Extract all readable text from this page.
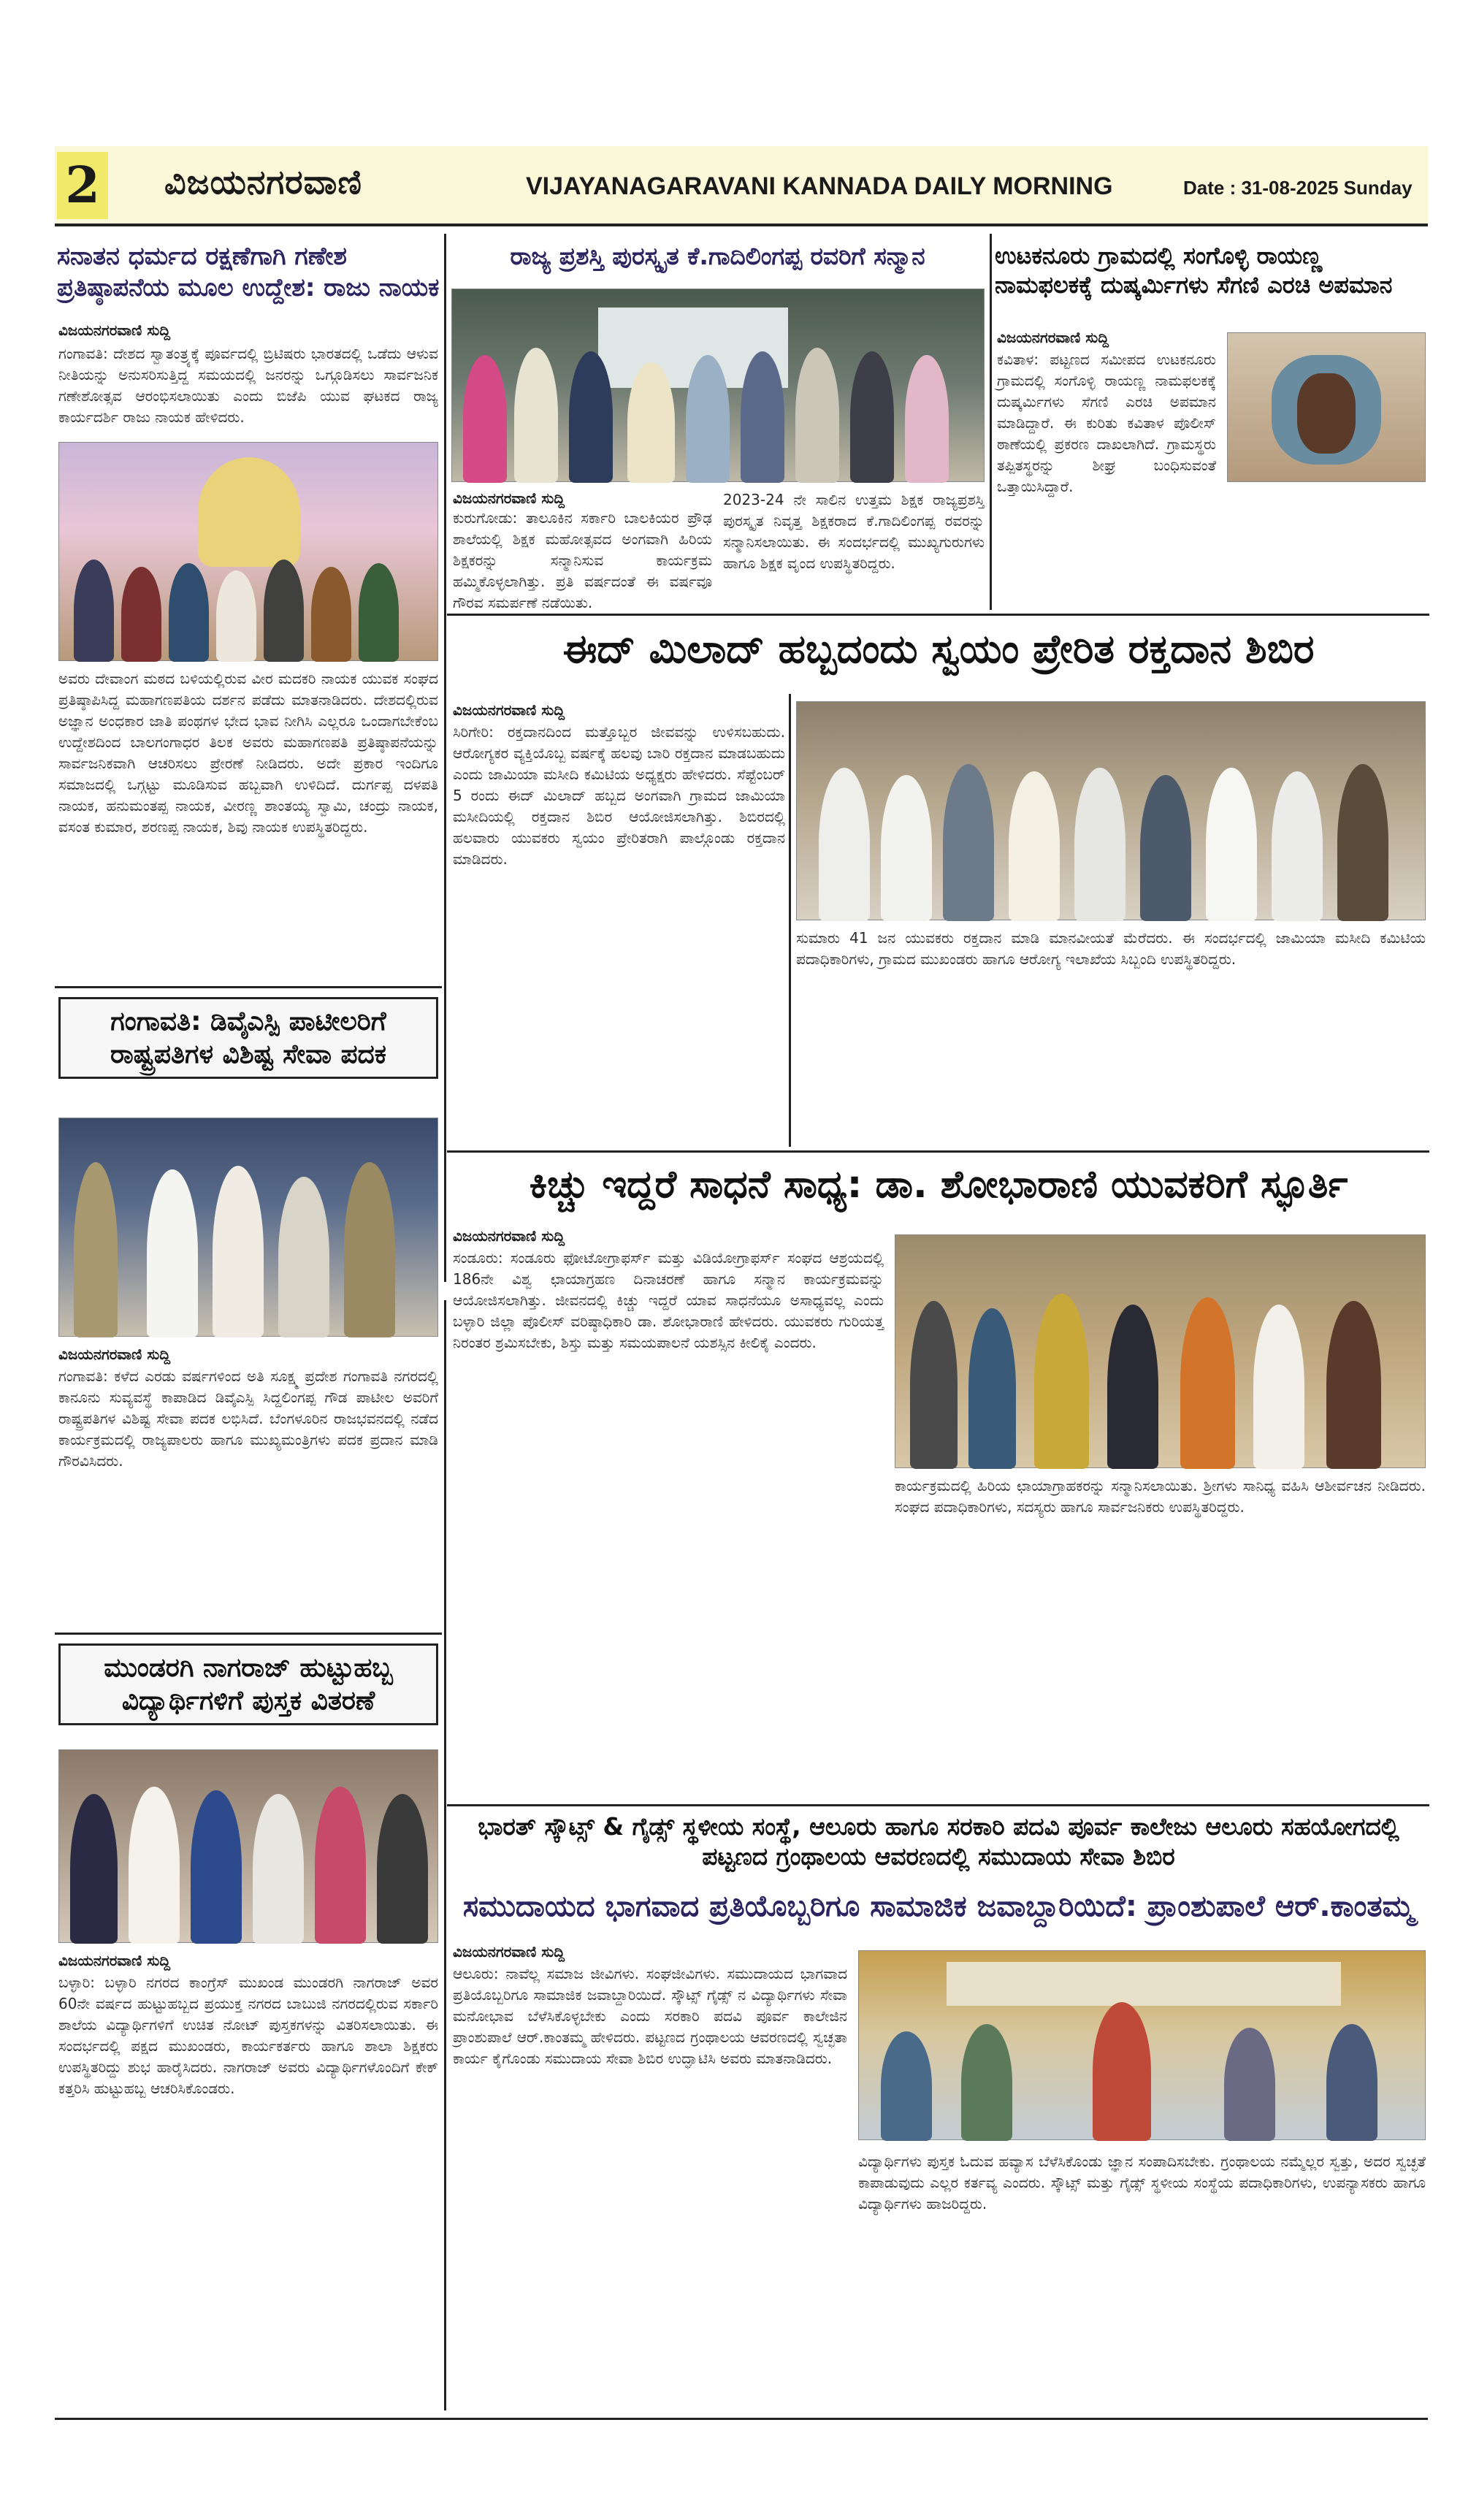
2 ವಿಜಯನಗರವಾಣಿ	VIJAYANAGARAVANI KANNADA DAILY MORNING	Date : 31-08-2025 Sunday
ಸನಾತನ ಧರ್ಮದ ರಕ್ಷಣೆಗಾಗಿ ಗಣೇಶ ಪ್ರತಿಷ್ಠಾಪನೆಯ ಮೂಲ ಉದ್ದೇಶ: ರಾಜು ನಾಯಕ
ವಿಜಯನಗರವಾಣಿ ಸುದ್ದಿ
ಗಂಗಾವತಿ: ದೇಶದ ಸ್ವಾತಂತ್ರ್ಯಕ್ಕೆ ಪೂರ್ವದಲ್ಲಿ ಬ್ರಿಟಿಷರು ಭಾರತದಲ್ಲಿ ಒಡೆದು ಆಳುವ ನೀತಿಯನ್ನು ಅನುಸರಿಸುತ್ತಿದ್ದ ಸಮಯದಲ್ಲಿ ಜನರನ್ನು ಒಗ್ಗೂಡಿಸಲು ಸಾರ್ವಜನಿಕ ಗಣೇಶೋತ್ಸವ ಆರಂಭಿಸಲಾಯಿತು ಎಂದು ಬಿಜೆಪಿ ಯುವ ಘಟಕದ ರಾಜ್ಯ ಕಾರ್ಯದರ್ಶಿ ರಾಜು ನಾಯಕ ಹೇಳಿದರು.
ಅವರು ದೇವಾಂಗ ಮಠದ ಬಳಿಯಲ್ಲಿರುವ ವೀರ ಮದಕರಿ ನಾಯಕ ಯುವಕ ಸಂಘದ ಪ್ರತಿಷ್ಠಾಪಿಸಿದ್ದ ಮಹಾಗಣಪತಿಯ ದರ್ಶನ ಪಡೆದು ಮಾತನಾಡಿದರು. ದೇಶದಲ್ಲಿರುವ ಅಜ್ಞಾನ ಅಂಧಕಾರ ಜಾತಿ ಪಂಥಗಳ ಭೇದ ಭಾವ ನೀಗಿಸಿ ಎಲ್ಲರೂ ಒಂದಾಗಬೇಕೆಂಬ ಉದ್ದೇಶದಿಂದ ಬಾಲಗಂಗಾಧರ ತಿಲಕ ಅವರು ಮಹಾಗಣಪತಿ ಪ್ರತಿಷ್ಠಾಪನೆಯನ್ನು ಸಾರ್ವಜನಿಕವಾಗಿ ಆಚರಿಸಲು ಪ್ರೇರಣೆ ನೀಡಿದರು. ಅದೇ ಪ್ರಕಾರ ಇಂದಿಗೂ ಸಮಾಜದಲ್ಲಿ ಒಗ್ಗಟ್ಟು ಮೂಡಿಸುವ ಹಬ್ಬವಾಗಿ ಉಳಿದಿದೆ. ದುರ್ಗಪ್ಪ ದಳಪತಿ ನಾಯಕ, ಹನುಮಂತಪ್ಪ ನಾಯಕ, ವೀರಣ್ಣ ಶಾಂತಯ್ಯ ಸ್ವಾಮಿ, ಚಂದ್ರು ನಾಯಕ, ವಸಂತ ಕುಮಾರ, ಶರಣಪ್ಪ ನಾಯಕ, ಶಿವು ನಾಯಕ ಉಪಸ್ಥಿತರಿದ್ದರು.
ರಾಜ್ಯ ಪ್ರಶಸ್ತಿ ಪುರಸ್ಕೃತ ಕೆ.ಗಾದಿಲಿಂಗಪ್ಪ ರವರಿಗೆ ಸನ್ಮಾನ
ವಿಜಯನಗರವಾಣಿ ಸುದ್ದಿ
ಕುರುಗೋಡು: ತಾಲೂಕಿನ ಸರ್ಕಾರಿ ಬಾಲಕಿಯರ ಪ್ರೌಢ ಶಾಲೆಯಲ್ಲಿ ಶಿಕ್ಷಕ ಮಹೋತ್ಸವದ ಅಂಗವಾಗಿ ಹಿರಿಯ ಶಿಕ್ಷಕರನ್ನು ಸನ್ಮಾನಿಸುವ ಕಾರ್ಯಕ್ರಮ ಹಮ್ಮಿಕೊಳ್ಳಲಾಗಿತ್ತು. ಪ್ರತಿ ವರ್ಷದಂತೆ ಈ ವರ್ಷವೂ ಗೌರವ ಸಮರ್ಪಣೆ ನಡೆಯಿತು.
2023-24 ನೇ ಸಾಲಿನ ಉತ್ತಮ ಶಿಕ್ಷಕ ರಾಜ್ಯಪ್ರಶಸ್ತಿ ಪುರಸ್ಕೃತ ನಿವೃತ್ತ ಶಿಕ್ಷಕರಾದ ಕೆ.ಗಾದಿಲಿಂಗಪ್ಪ ರವರನ್ನು ಸನ್ಮಾನಿಸಲಾಯಿತು. ಈ ಸಂದರ್ಭದಲ್ಲಿ ಮುಖ್ಯಗುರುಗಳು ಹಾಗೂ ಶಿಕ್ಷಕ ವೃಂದ ಉಪಸ್ಥಿತರಿದ್ದರು.
ಉಟಕನೂರು ಗ್ರಾಮದಲ್ಲಿ ಸಂಗೊಳ್ಳಿ ರಾಯಣ್ಣ ನಾಮಫಲಕಕ್ಕೆ ದುಷ್ಕರ್ಮಿಗಳು ಸೆಗಣಿ ಎರಚಿ ಅಪಮಾನ
ವಿಜಯನಗರವಾಣಿ ಸುದ್ದಿ
ಕವಿತಾಳ: ಪಟ್ಟಣದ ಸಮೀಪದ ಉಟಕನೂರು ಗ್ರಾಮದಲ್ಲಿ ಸಂಗೊಳ್ಳಿ ರಾಯಣ್ಣ ನಾಮಫಲಕಕ್ಕೆ ದುಷ್ಕರ್ಮಿಗಳು ಸೆಗಣಿ ಎರಚಿ ಅಪಮಾನ ಮಾಡಿದ್ದಾರೆ. ಈ ಕುರಿತು ಕವಿತಾಳ ಪೊಲೀಸ್ ಠಾಣೆಯಲ್ಲಿ ಪ್ರಕರಣ ದಾಖಲಾಗಿದೆ. ಗ್ರಾಮಸ್ಥರು ತಪ್ಪಿತಸ್ಥರನ್ನು ಶೀಘ್ರ ಬಂಧಿಸುವಂತೆ ಒತ್ತಾಯಿಸಿದ್ದಾರೆ.
ಈದ್ ಮಿಲಾದ್ ಹಬ್ಬದಂದು ಸ್ವಯಂ ಪ್ರೇರಿತ ರಕ್ತದಾನ ಶಿಬಿರ
ವಿಜಯನಗರವಾಣಿ ಸುದ್ದಿ
ಸಿರಿಗೇರಿ: ರಕ್ತದಾನದಿಂದ ಮತ್ತೊಬ್ಬರ ಜೀವವನ್ನು ಉಳಿಸಬಹುದು. ಆರೋಗ್ಯಕರ ವ್ಯಕ್ತಿಯೊಬ್ಬ ವರ್ಷಕ್ಕೆ ಹಲವು ಬಾರಿ ರಕ್ತದಾನ ಮಾಡಬಹುದು ಎಂದು ಜಾಮಿಯಾ ಮಸೀದಿ ಕಮಿಟಿಯ ಅಧ್ಯಕ್ಷರು ಹೇಳಿದರು. ಸೆಪ್ಟೆಂಬರ್ 5 ರಂದು ಈದ್ ಮಿಲಾದ್ ಹಬ್ಬದ ಅಂಗವಾಗಿ ಗ್ರಾಮದ ಜಾಮಿಯಾ ಮಸೀದಿಯಲ್ಲಿ ರಕ್ತದಾನ ಶಿಬಿರ ಆಯೋಜಿಸಲಾಗಿತ್ತು. ಶಿಬಿರದಲ್ಲಿ ಹಲವಾರು ಯುವಕರು ಸ್ವಯಂ ಪ್ರೇರಿತರಾಗಿ ಪಾಲ್ಗೊಂಡು ರಕ್ತದಾನ ಮಾಡಿದರು.
ಸುಮಾರು 41 ಜನ ಯುವಕರು ರಕ್ತದಾನ ಮಾಡಿ ಮಾನವೀಯತೆ ಮೆರೆದರು. ಈ ಸಂದರ್ಭದಲ್ಲಿ ಜಾಮಿಯಾ ಮಸೀದಿ ಕಮಿಟಿಯ ಪದಾಧಿಕಾರಿಗಳು, ಗ್ರಾಮದ ಮುಖಂಡರು ಹಾಗೂ ಆರೋಗ್ಯ ಇಲಾಖೆಯ ಸಿಬ್ಬಂದಿ ಉಪಸ್ಥಿತರಿದ್ದರು.
ಗಂಗಾವತಿ: ಡಿವೈಎಸ್ಪಿ ಪಾಟೀಲರಿಗೆ ರಾಷ್ಟ್ರಪತಿಗಳ ವಿಶಿಷ್ಟ ಸೇವಾ ಪದಕ
ವಿಜಯನಗರವಾಣಿ ಸುದ್ದಿ
ಗಂಗಾವತಿ: ಕಳೆದ ಎರಡು ವರ್ಷಗಳಿಂದ ಅತಿ ಸೂಕ್ಷ್ಮ ಪ್ರದೇಶ ಗಂಗಾವತಿ ನಗರದಲ್ಲಿ ಕಾನೂನು ಸುವ್ಯವಸ್ಥೆ ಕಾಪಾಡಿದ ಡಿವೈಎಸ್ಪಿ ಸಿದ್ದಲಿಂಗಪ್ಪ ಗೌಡ ಪಾಟೀಲ ಅವರಿಗೆ ರಾಷ್ಟ್ರಪತಿಗಳ ವಿಶಿಷ್ಟ ಸೇವಾ ಪದಕ ಲಭಿಸಿದೆ. ಬೆಂಗಳೂರಿನ ರಾಜಭವನದಲ್ಲಿ ನಡೆದ ಕಾರ್ಯಕ್ರಮದಲ್ಲಿ ರಾಜ್ಯಪಾಲರು ಹಾಗೂ ಮುಖ್ಯಮಂತ್ರಿಗಳು ಪದಕ ಪ್ರದಾನ ಮಾಡಿ ಗೌರವಿಸಿದರು.
ಕಿಚ್ಚು ಇದ್ದರೆ ಸಾಧನೆ ಸಾಧ್ಯ: ಡಾ. ಶೋಭಾರಾಣಿ ಯುವಕರಿಗೆ ಸ್ಫೂರ್ತಿ
ವಿಜಯನಗರವಾಣಿ ಸುದ್ದಿ
ಸಂಡೂರು: ಸಂಡೂರು ಫೋಟೋಗ್ರಾಫರ್ಸ್ ಮತ್ತು ವಿಡಿಯೋಗ್ರಾಫರ್ಸ್ ಸಂಘದ ಆಶ್ರಯದಲ್ಲಿ 186ನೇ ವಿಶ್ವ ಛಾಯಾಗ್ರಹಣ ದಿನಾಚರಣೆ ಹಾಗೂ ಸನ್ಮಾನ ಕಾರ್ಯಕ್ರಮವನ್ನು ಆಯೋಜಿಸಲಾಗಿತ್ತು. ಜೀವನದಲ್ಲಿ ಕಿಚ್ಚು ಇದ್ದರೆ ಯಾವ ಸಾಧನೆಯೂ ಅಸಾಧ್ಯವಲ್ಲ ಎಂದು ಬಳ್ಳಾರಿ ಜಿಲ್ಲಾ ಪೊಲೀಸ್ ವರಿಷ್ಠಾಧಿಕಾರಿ ಡಾ. ಶೋಭಾರಾಣಿ ಹೇಳಿದರು. ಯುವಕರು ಗುರಿಯತ್ತ ನಿರಂತರ ಶ್ರಮಿಸಬೇಕು, ಶಿಸ್ತು ಮತ್ತು ಸಮಯಪಾಲನೆ ಯಶಸ್ಸಿನ ಕೀಲಿಕೈ ಎಂದರು.
ಕಾರ್ಯಕ್ರಮದಲ್ಲಿ ಹಿರಿಯ ಛಾಯಾಗ್ರಾಹಕರನ್ನು ಸನ್ಮಾನಿಸಲಾಯಿತು. ಶ್ರೀಗಳು ಸಾನಿಧ್ಯ ವಹಿಸಿ ಆಶೀರ್ವಚನ ನೀಡಿದರು. ಸಂಘದ ಪದಾಧಿಕಾರಿಗಳು, ಸದಸ್ಯರು ಹಾಗೂ ಸಾರ್ವಜನಿಕರು ಉಪಸ್ಥಿತರಿದ್ದರು.
ಮುಂಡರಗಿ ನಾಗರಾಜ್ ಹುಟ್ಟುಹಬ್ಬ ವಿದ್ಯಾರ್ಥಿಗಳಿಗೆ ಪುಸ್ತಕ ವಿತರಣೆ
ವಿಜಯನಗರವಾಣಿ ಸುದ್ದಿ
ಬಳ್ಳಾರಿ: ಬಳ್ಳಾರಿ ನಗರದ ಕಾಂಗ್ರೆಸ್ ಮುಖಂಡ ಮುಂಡರಗಿ ನಾಗರಾಜ್ ಅವರ 60ನೇ ವರ್ಷದ ಹುಟ್ಟುಹಬ್ಬದ ಪ್ರಯುಕ್ತ ನಗರದ ಬಾಬುಜಿ ನಗರದಲ್ಲಿರುವ ಸರ್ಕಾರಿ ಶಾಲೆಯ ವಿದ್ಯಾರ್ಥಿಗಳಿಗೆ ಉಚಿತ ನೋಟ್ ಪುಸ್ತಕಗಳನ್ನು ವಿತರಿಸಲಾಯಿತು. ಈ ಸಂದರ್ಭದಲ್ಲಿ ಪಕ್ಷದ ಮುಖಂಡರು, ಕಾರ್ಯಕರ್ತರು ಹಾಗೂ ಶಾಲಾ ಶಿಕ್ಷಕರು ಉಪಸ್ಥಿತರಿದ್ದು ಶುಭ ಹಾರೈಸಿದರು. ನಾಗರಾಜ್ ಅವರು ವಿದ್ಯಾರ್ಥಿಗಳೊಂದಿಗೆ ಕೇಕ್ ಕತ್ತರಿಸಿ ಹುಟ್ಟುಹಬ್ಬ ಆಚರಿಸಿಕೊಂಡರು.
ಭಾರತ್ ಸ್ಕೌಟ್ಸ್ & ಗೈಡ್ಸ್ ಸ್ಥಳೀಯ ಸಂಸ್ಥೆ, ಆಲೂರು ಹಾಗೂ ಸರಕಾರಿ ಪದವಿ ಪೂರ್ವ ಕಾಲೇಜು ಆಲೂರು ಸಹಯೋಗದಲ್ಲಿ ಪಟ್ಟಣದ ಗ್ರಂಥಾಲಯ ಆವರಣದಲ್ಲಿ ಸಮುದಾಯ ಸೇವಾ ಶಿಬಿರ
ಸಮುದಾಯದ ಭಾಗವಾದ ಪ್ರತಿಯೊಬ್ಬರಿಗೂ ಸಾಮಾಜಿಕ ಜವಾಬ್ದಾರಿಯಿದೆ: ಪ್ರಾಂಶುಪಾಲೆ ಆರ್.ಕಾಂತಮ್ಮ
ವಿಜಯನಗರವಾಣಿ ಸುದ್ದಿ
ಆಲೂರು: ನಾವೆಲ್ಲ ಸಮಾಜ ಜೀವಿಗಳು. ಸಂಘಜೀವಿಗಳು. ಸಮುದಾಯದ ಭಾಗವಾದ ಪ್ರತಿಯೊಬ್ಬರಿಗೂ ಸಾಮಾಜಿಕ ಜವಾಬ್ದಾರಿಯಿದೆ. ಸ್ಕೌಟ್ಸ್ ಗೈಡ್ಸ್ ನ ವಿದ್ಯಾರ್ಥಿಗಳು ಸೇವಾ ಮನೋಭಾವ ಬೆಳೆಸಿಕೊಳ್ಳಬೇಕು ಎಂದು ಸರಕಾರಿ ಪದವಿ ಪೂರ್ವ ಕಾಲೇಜಿನ ಪ್ರಾಂಶುಪಾಲೆ ಆರ್.ಕಾಂತಮ್ಮ ಹೇಳಿದರು. ಪಟ್ಟಣದ ಗ್ರಂಥಾಲಯ ಆವರಣದಲ್ಲಿ ಸ್ವಚ್ಛತಾ ಕಾರ್ಯ ಕೈಗೊಂಡು ಸಮುದಾಯ ಸೇವಾ ಶಿಬಿರ ಉದ್ಘಾಟಿಸಿ ಅವರು ಮಾತನಾಡಿದರು.
ವಿದ್ಯಾರ್ಥಿಗಳು ಪುಸ್ತಕ ಓದುವ ಹವ್ಯಾಸ ಬೆಳೆಸಿಕೊಂಡು ಜ್ಞಾನ ಸಂಪಾದಿಸಬೇಕು. ಗ್ರಂಥಾಲಯ ನಮ್ಮೆಲ್ಲರ ಸ್ವತ್ತು, ಅದರ ಸ್ವಚ್ಛತೆ ಕಾಪಾಡುವುದು ಎಲ್ಲರ ಕರ್ತವ್ಯ ಎಂದರು. ಸ್ಕೌಟ್ಸ್ ಮತ್ತು ಗೈಡ್ಸ್ ಸ್ಥಳೀಯ ಸಂಸ್ಥೆಯ ಪದಾಧಿಕಾರಿಗಳು, ಉಪನ್ಯಾಸಕರು ಹಾಗೂ ವಿದ್ಯಾರ್ಥಿಗಳು ಹಾಜರಿದ್ದರು.
